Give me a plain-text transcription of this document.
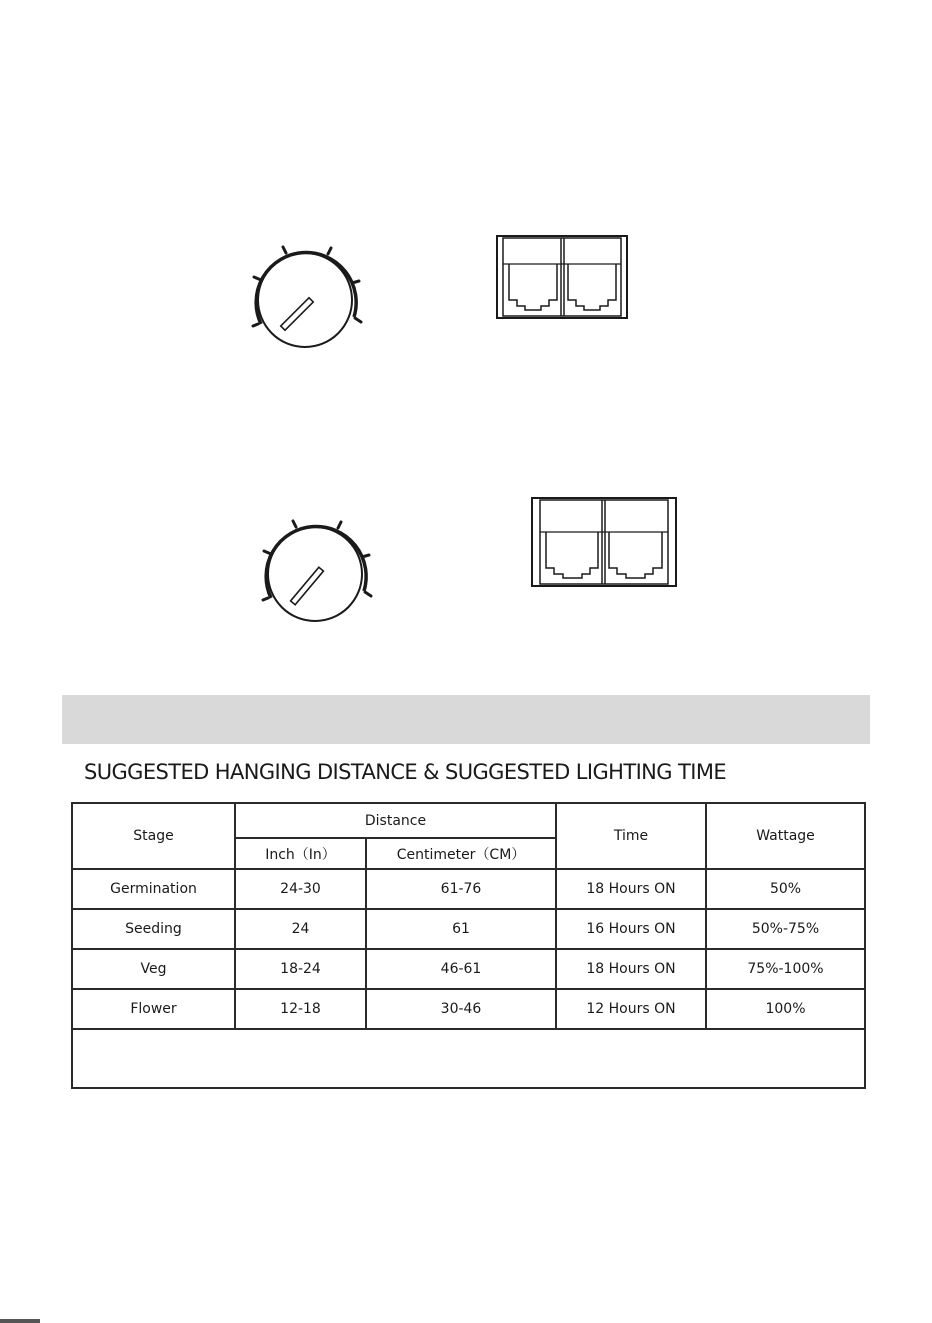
SUGGESTED HANGING DISTANCE & SUGGESTED LIGHTING TIME
Stage	Distance		Time	Wattage
	Inch（In）	Centimeter（CM）		
Germination	24-30	61-76	18 Hours ON	50%
Seeding	24	61	16 Hours ON	50%-75%
Veg	18-24	46-61	18 Hours ON	75%-100%
Flower	12-18	30-46	12 Hours ON	100%
